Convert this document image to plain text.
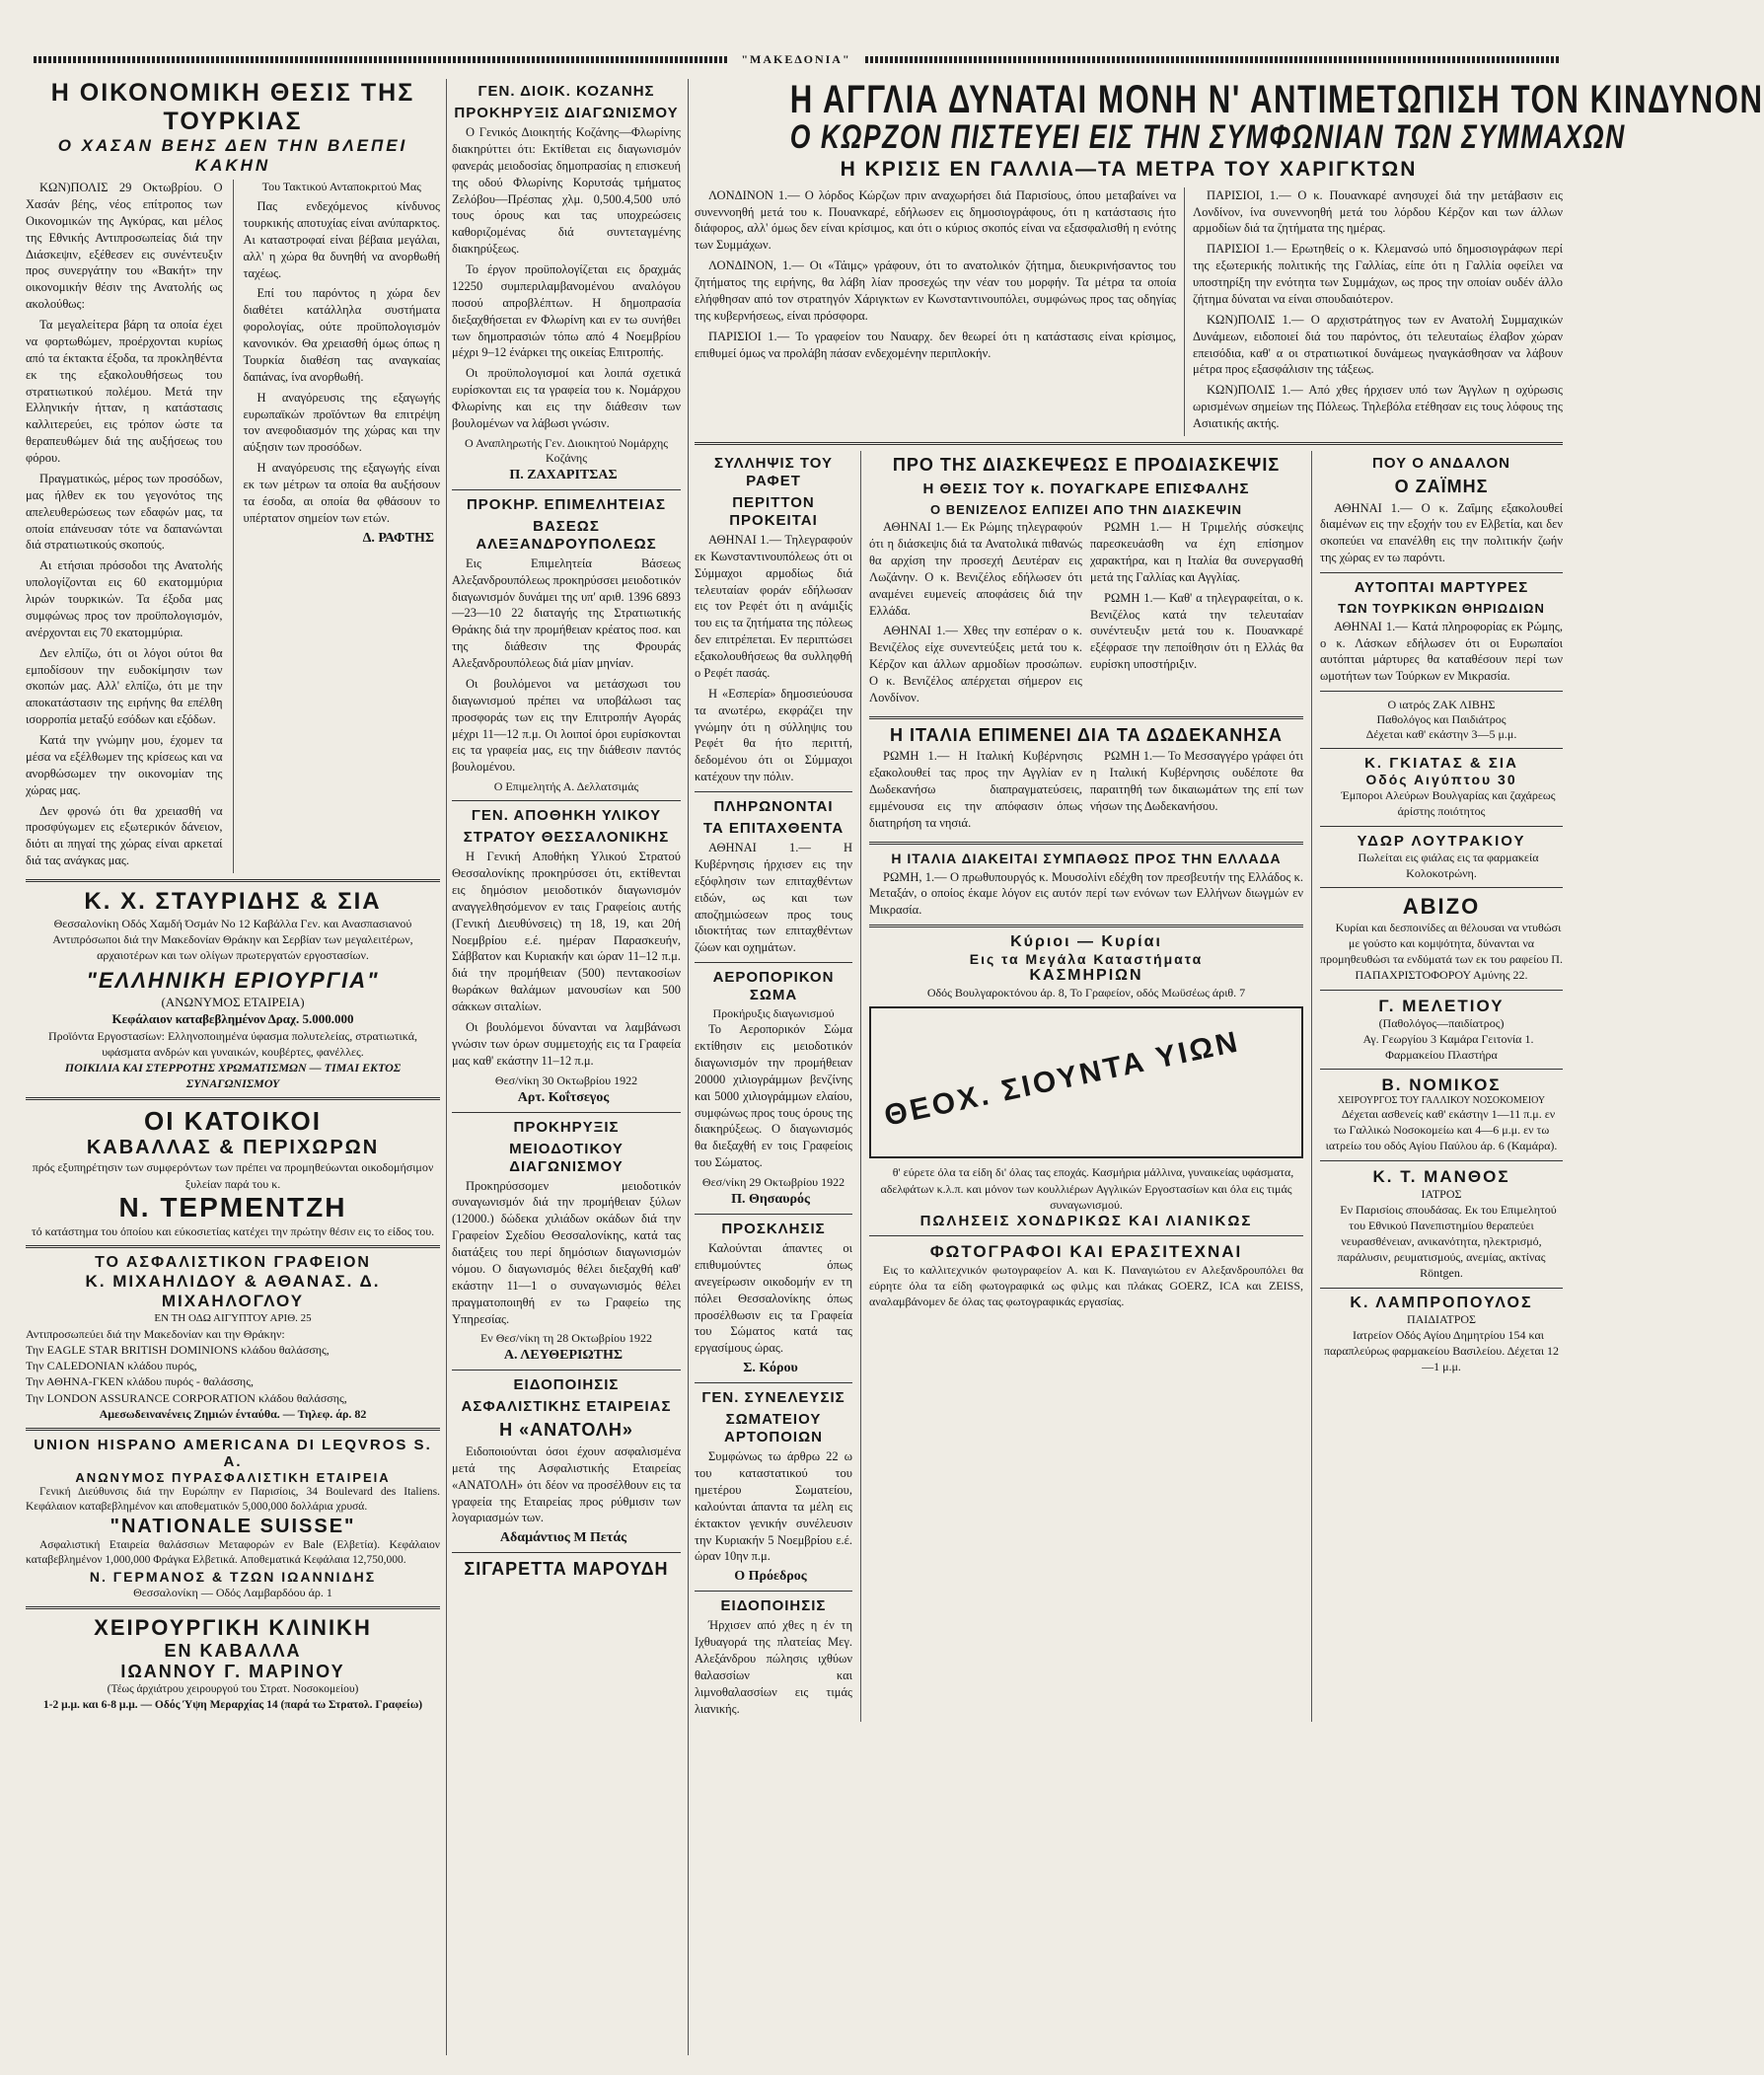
"ΜΑΚΕΔΟΝΙΑ"
Η ΟΙΚΟΝΟΜΙΚΗ ΘΕΣΙΣ ΤΗΣ ΤΟΥΡΚΙΑΣ
Ο ΧΑΣΑΝ ΒΕΗΣ ΔΕΝ ΤΗΝ ΒΛΕΠΕΙ ΚΑΚΗΝ

ΚΩΝ)ΠΟΛΙΣ 29 Οκτωβρίου. Ο Χασάν βέης, νέος επίτροπος των Οικονομικών της Αγκύρας, και μέλος της Εθνικής Αντιπροσωπείας διά την Διάσκεψιν, εξέθεσεν εις συνέντευξιν προς συνεργάτην του «Βακήτ» την οικονομικήν θέσιν της Ανατολής ως ακολούθως:

Τα μεγαλείτερα βάρη τα οποία έχει να φορτωθώμεν, προέρχονται κυρίως από τα έκτακτα έξοδα, τα προκληθέντα εκ της εξακολουθήσεως του στρατιωτικού πολέμου. Μετά την Ελληνικήν ήτταν, η κατάστασις καλλιτερεύει, εις τρόπον ώστε τα θεραπευθώμεν διά της αυξήσεως του φόρου.

Πραγματικώς, μέρος των προσόδων, μας ήλθεν εκ του γεγονότος της απελευθερώσεως των εδαφών μας, τα οποία επάνευσαν τότε να δαπανώνται διά στρατιωτικούς σκοπούς.

Αι ετήσιαι πρόσοδοι της Ανατολής υπολογίζονται εις 60 εκατομμύρια λιρών τουρκικών. Τα έξοδα μας συμφώνως προς τον προϋπολογισμόν, ανέρχονται εις 70 εκατομμύρια.

Δεν ελπίζω, ότι οι λόγοι ούτοι θα εμποδίσουν την ευδοκίμησιν των σκοπών μας. Αλλ' ελπίζω, ότι με την αποκατάστασιν της ειρήνης θα επέλθη ισορροπία μεταξύ εσόδων και εξόδων.

Κατά την γνώμην μου, έχομεν τα μέσα να εξέλθωμεν της κρίσεως και να ανορθώσωμεν την οικονομίαν της χώρας μας.

Δεν φρονώ ότι θα χρειασθή να προσφύγωμεν εις εξωτερικόν δάνειον, διότι αι πηγαί της χώρας είναι αρκεταί διά τας ανάγκας μας.

Του Τακτικού Ανταποκριτού Μας

Πας ενδεχόμενος κίνδυνος τουρκικής αποτυχίας είναι ανύπαρκτος. Αι καταστροφαί είναι βέβαια μεγάλαι, αλλ' η χώρα θα δυνηθή να ανορθωθή ταχέως.

Επί του παρόντος η χώρα δεν διαθέτει κατάλληλα συστήματα φορολογίας, ούτε προϋπολογισμόν κανονικόν. Θα χρειασθή όμως όπως η Τουρκία διαθέση τας αναγκαίας δαπάνας, ίνα ανορθωθή.

Η αναγόρευσις της εξαγωγής ευρωπαϊκών προϊόντων θα επιτρέψη τον ανεφοδιασμόν της χώρας και την αύξησιν των προσόδων.

Η αναγόρευσις της εξαγωγής είναι εκ των μέτρων τα οποία θα αυξήσουν τα έσοδα, αι οποία θα φθάσουν το υπέρτατον σημείον των ετών.

Δ. ΡΑΦΤΗΣ
Κ. Χ. ΣΤΑΥΡΙΔΗΣ & ΣΙΑ

Θεσσαλονίκη Οδός Χαμδή Όσμάν No 12 Καβάλλα Γεν. και Ανασπασιανού Αντιπρόσωποι διά την Μακεδονίαν Θράκην και Σερβίαν των μεγαλειτέρων, αρχαιοτέρων και των ολίγων πρωτεργατών εργοστασίων.

"ΕΛΛΗΝΙΚΗ ΕΡΙΟΥΡΓΙΑ"

(ΑΝΩΝΥΜΟΣ ΕΤΑΙΡΕΙΑ)

Κεφάλαιον καταβεβλημένον Δραχ. 5.000.000

Προϊόντα Εργοστασίων: Ελληνοποιημένα ύφασμα πολυτελείας, στρατιωτικά, υφάσματα ανδρών και γυναικών, κουβέρτες, φανέλλες.

ΠΟΙΚΙΛΙΑ ΚΑΙ ΣΤΕΡΡΟΤΗΣ ΧΡΩΜΑΤΙΣΜΩΝ — ΤΙΜΑΙ ΕΚΤΟΣ ΣΥΝΑΓΩΝΙΣΜΟΥ

ΟΙ ΚΑΤΟΙΚΟΙ
ΚΑΒΑΛΛΑΣ & ΠΕΡΙΧΩΡΩΝ

πρός εξυπηρέτησιν των συμφερόντων των πρέπει να προμηθεύωνται οικοδομήσιμον ξυλείαν παρά του κ.

Ν. ΤΕΡΜΕΝΤΖΗ

τό κατάστημα του όποίου και εύκοσιετίας κατέχει την πρώτην θέσιν εις το είδος του.

ΤΟ ΑΣΦΑΛΙΣΤΙΚΟΝ ΓΡΑΦΕΙΟΝ
Κ. ΜΙΧΑΗΛΙΔΟΥ & ΑΘΑΝΑΣ. Δ. ΜΙΧΑΗΛΟΓΛΟΥ

ΕΝ ΤΗ ΟΔΩ ΑΙΓΥΠΤΟΥ ΑΡΙΘ. 25

Αντιπροσωπεύει διά την Μακεδονίαν και την Θράκην:

Την EAGLE STAR BRITISH DOMINIONS κλάδου θαλάσσης,

Την CALEDONIAN κλάδου πυρός,

Την ΑΘΗΝΑ-ΓΚΕΝ κλάδου πυρός - θαλάσσης,

Την LONDON ASSURANCE CORPORATION κλάδου θαλάσσης,

Αμεσωδεινανένεις Ζημιών ένταύθα. — Τηλεφ. άρ. 82

UNION HISPANO AMERICANA DI LEQVROS S. A.
ΑΝΩΝΥΜΟΣ ΠΥΡΑΣΦΑΛΙΣΤΙΚΗ ΕΤΑΙΡΕΙΑ

Γενική Διεύθυνσις διά την Ευρώπην εν Παρισίοις, 34 Boulevard des Italiens. Κεφάλαιον καταβεβλημένον και αποθεματικόν 5,000,000 δολλάρια χρυσά.

"NATIONALE SUISSE"

Ασφαλιστική Εταιρεία θαλάσσιων Μεταφορών εν Bale (Ελβετία). Κεφάλαιον καταβεβλημένον 1,000,000 Φράγκα Ελβετικά. Αποθεματικά Κεφάλαια 12,750,000.

Ν. ΓΕΡΜΑΝΟΣ & ΤΖΩΝ ΙΩΑΝΝΙΔΗΣ

Θεσσαλονίκη — Οδός Λαμβαρδόου άρ. 1

ΧΕΙΡΟΥΡΓΙΚΗ ΚΛΙΝΙΚΗ
ΕΝ ΚΑΒΑΛΛΑ
ΙΩΑΝΝΟΥ Γ. ΜΑΡΙΝΟΥ

(Τέως άρχιάτρου χειρουργού του Στρατ. Νοσοκομείου)

1-2 μ.μ. και 6-8 μ.μ. — Οδός Ύψη Μεραρχίας 14 (παρά τω Στρατολ. Γραφείω)

ΓΕΝ. ΔΙΟΙΚ. ΚΟΖΑΝΗΣ
ΠΡΟΚΗΡΥΞΙΣ ΔΙΑΓΩΝΙΣΜΟΥ

Ο Γενικός Διοικητής Κοζάνης—Φλωρίνης διακηρύττει ότι: Εκτίθεται εις διαγωνισμόν φανεράς μειοδοσίας δημοπρασίας η επισκευή της οδού Φλωρίνης Κορυτσάς τμήματος Ζελόβου—Πρέσπας χλμ. 0,500.4,500 υπό τους όρους και τας υποχρεώσεις καθοριζομένας διά συντεταγμένης διακηρύξεως.

Το έργον προϋπολογίζεται εις δραχμάς 12250 συμπεριλαμβανομένου αναλόγου ποσού απροβλέπτων. Η δημοπρασία διεξαχθήσεται εν Φλωρίνη και εν τω συνήθει των δημοπρασιών τόπω από 4 Νοεμβρίου μέχρι 9–12 ένάρκει της οικείας Επιτροπής.

Οι προϋπολογισμοί και λοιπά σχετικά ευρίσκονται εις τα γραφεία του κ. Νομάρχου Φλωρίνης και εις την διάθεσιν των βουλομένων να λάβωσι γνώσιν.

Ο Αναπληρωτής Γεν. Διοικητού Νομάρχης Κοζάνης
Π. ΖΑΧΑΡΙΤΣΑΣ
ΠΡΟΚΗΡ. ΕΠΙΜΕΛΗΤΕΙΑΣ
ΒΑΣΕΩΣ ΑΛΕΞΑΝΔΡΟΥΠΟΛΕΩΣ

Εις Επιμελητεία Βάσεως Αλεξανδρουπόλεως προκηρύσσει μειοδοτικόν διαγωνισμόν δυνάμει της υπ' αριθ. 1396 6893—23—10 22 διαταγής της Στρατιωτικής Θράκης διά την προμήθειαν κρέατος ποσ. και της διάθεσιν της Φρουράς Αλεξανδρουπόλεως διά μίαν μηνίαν.

Οι βουλόμενοι να μετάσχωσι του διαγωνισμού πρέπει να υποβάλωσι τας προσφοράς των εις την Επιτροπήν Αγοράς μέχρι 11—12 π.μ. Οι λοιποί όροι ευρίσκονται εις τα γραφεία μας, εις την διάθεσιν παντός βουλομένου.

Ο Επιμελητής Α. Δελλατσιμάς
ΓΕΝ. ΑΠΟΘΗΚΗ ΥΛΙΚΟΥ
ΣΤΡΑΤΟΥ ΘΕΣΣΑΛΟΝΙΚΗΣ

Η Γενική Αποθήκη Υλικού Στρατού Θεσσαλονίκης προκηρύσσει ότι, εκτίθενται εις δημόσιον μειοδοτικόν διαγωνισμόν αναγγελθησόμενον εν ταις Γραφείοις αυτής (Γενική Διευθύνσεις) τη 18, 19, και 20ή Νοεμβρίου ε.έ. ημέραν Παρασκευήν, Σάββατον και Κυριακήν και ώραν 11–12 π.μ. διά την προμήθειαν (500) πεντακοσίων θωράκων θαλάμων μανουσίων και 500 σάκκων σιταλίων.

Οι βουλόμενοι δύνανται να λαμβάνωσι γνώσιν των όρων συμμετοχής εις τα Γραφεία μας καθ' εκάστην 11–12 π.μ.

Θεσ/νίκη 30 Οκτωβρίου 1922
Αρτ. Κοΐτσεγος
ΠΡΟΚΗΡΥΞΙΣ
ΜΕΙΟΔΟΤΙΚΟΥ ΔΙΑΓΩΝΙΣΜΟΥ

Προκηρύσσομεν μειοδοτικόν συναγωνισμόν διά την προμήθειαν ξύλων (12000.) δώδεκα χιλιάδων οκάδων διά την Γραφείον Σχεδίου Θεσσαλονίκης, κατά τας διατάξεις του περί δημόσιων διαγωνισμών νόμου. Ο διαγωνισμός θέλει διεξαχθή καθ' εκάστην 11—1 ο συναγωνισμός θέλει πραγματοποιηθή εν τω Γραφείω της Υπηρεσίας.

Εν Θεσ/νίκη τη 28 Οκτωβρίου 1922
Α. ΛΕΥΘΕΡΙΩΤΗΣ
ΕΙΔΟΠΟΙΗΣΙΣ
ΑΣΦΑΛΙΣΤΙΚΗΣ ΕΤΑΙΡΕΙΑΣ
Η «ΑΝΑΤΟΛΗ»

Ειδοποιούνται όσοι έχουν ασφαλισμένα μετά της Ασφαλιστικής Εταιρείας «ΑΝΑΤΟΛΗ» ότι δέον να προσέλθουν εις τα γραφεία της Εταιρείας προς ρύθμισιν των λογαριασμών των.

Αδαμάντιος Μ Πετάς
ΣΙΓΑΡΕΤΤΑ ΜΑΡΟΥΔΗ
Η ΑΓΓΛΙΑ ΔΥΝΑΤΑΙ ΜΟΝΗ Ν' ΑΝΤΙΜΕΤΩΠΙΣΗ ΤΟΝ ΚΙΝΔΥΝΟΝ
Ο ΚΩΡΖΟΝ ΠΙΣΤΕΥΕΙ ΕΙΣ ΤΗΝ ΣΥΜΦΩΝΙΑΝ ΤΩΝ ΣΥΜΜΑΧΩΝ
Η ΚΡΙΣΙΣ ΕΝ ΓΑΛΛΙΑ—ΤΑ ΜΕΤΡΑ ΤΟΥ ΧΑΡΙΓΚΤΩΝ

ΛΟΝΔΙΝΟΝ 1.— Ο λόρδος Κώρζων πριν αναχωρήσει διά Παρισίους, όπου μεταβαίνει να συνεννοηθή μετά του κ. Πουανκαρέ, εδήλωσεν εις δημοσιογράφους, ότι η κατάστασις ήτο διάφορος, αλλ' όμως δεν είναι κρίσιμος, και ότι ο κύριος σκοπός είναι να εξασφαλισθή η ενότης των Συμμάχων.

ΛΟΝΔΙΝΟΝ, 1.— Οι «Τάιμς» γράφουν, ότι το ανατολικόν ζήτημα, διευκρινήσαντος του ζητήματος της ειρήνης, θα λάβη λίαν προσεχώς την νέαν του μορφήν. Τα μέτρα τα οποία ελήφθησαν από τον στρατηγόν Χάριγκτων εν Κωνσταντινουπόλει, συμφώνως προς τας οδηγίας της κυβερνήσεως, είναι πρόσφορα.

ΠΑΡΙΣΙΟΙ 1.— Το γραφείον του Ναυαρχ. δεν θεωρεί ότι η κατάστασις είναι κρίσιμος, επιθυμεί όμως να προλάβη πάσαν ενδεχομένην περιπλοκήν.

ΠΑΡΙΣΙΟΙ, 1.— Ο κ. Πουανκαρέ ανησυχεί διά την μετάβασιν εις Λονδίνον, ίνα συνεννοηθή μετά του λόρδου Κέρζον και των άλλων αρμοδίων διά τα ζητήματα της ημέρας.

ΠΑΡΙΣΙΟΙ 1.— Ερωτηθείς ο κ. Κλεμανσώ υπό δημοσιογράφων περί της εξωτερικής πολιτικής της Γαλλίας, είπε ότι η Γαλλία οφείλει να υποστηρίξη την ενότητα των Συμμάχων, ως προς την οποίαν ουδέν άλλο ζήτημα δύναται να είναι σπουδαιότερον.

ΚΩΝ)ΠΟΛΙΣ 1.— Ο αρχιστράτηγος των εν Ανατολή Συμμαχικών Δυνάμεων, ειδοποιεί διά του παρόντος, ότι τελευταίως έλαβον χώραν επεισόδια, καθ' α οι στρατιωτικοί δυνάμεως ηναγκάσθησαν να λάβουν μέτρα προς εξασφάλισιν της τάξεως.

ΚΩΝ)ΠΟΛΙΣ 1.— Από χθες ήρχισεν υπό των Άγγλων η οχύρωσις ωρισμένων σημείων της Πόλεως. Τηλεβόλα ετέθησαν εις τους λόφους της Ασιατικής ακτής.

ΣΥΛΛΗΨΙΣ ΤΟΥ ΡΑΦΕΤ
ΠΕΡΙΤΤΟΝ ΠΡΟΚΕΙΤΑΙ

ΑΘΗΝΑΙ 1.— Τηλεγραφούν εκ Κωνσταντινουπόλεως ότι οι Σύμμαχοι αρμοδίως διά τελευταίαν φοράν εδήλωσαν εις τον Ρεφέτ ότι η ανάμιξίς του εις τα ζητήματα της πόλεως δεν επιτρέπεται. Εν περιπτώσει εξακολουθήσεως θα συλληφθή ο Ρεφέτ πασάς.

Η «Εσπερία» δημοσιεύουσα τα ανωτέρω, εκφράζει την γνώμην ότι η σύλληψις του Ρεφέτ θα ήτο περιττή, δεδομένου ότι οι Σύμμαχοι κατέχουν την πόλιν.

ΠΛΗΡΩΝΟΝΤΑΙ
ΤΑ ΕΠΙΤΑΧΘΕΝΤΑ

ΑΘΗΝΑΙ 1.— Η Κυβέρνησις ήρχισεν εις την εξόφλησιν των επιταχθέντων ειδών, ως και των αποζημιώσεων προς τους ιδιοκτήτας των επιταχθέντων ζώων και οχημάτων.

ΑΕΡΟΠΟΡΙΚΟΝ ΣΩΜΑ
Προκήρυξις διαγωνισμού

Το Αεροπορικόν Σώμα εκτίθησιν εις μειοδοτικόν διαγωνισμόν την προμήθειαν 20000 χιλιογράμμων βενζίνης και 5000 χιλιογράμμων ελαίου, συμφώνως προς τους όρους της διακηρύξεως. Ο διαγωνισμός θα διεξαχθή εν τοις Γραφείοις του Σώματος.

Θεσ/νίκη 29 Οκτωβρίου 1922
Π. Θησαυρός
ΠΡΟΣΚΛΗΣΙΣ

Καλούνται άπαντες οι επιθυμούντες όπως ανεγείρωσιν οικοδομήν εν τη πόλει Θεσσαλονίκης όπως προσέλθωσιν εις τα Γραφεία του Σώματος κατά τας εργασίμους ώρας.

Σ. Κόρου
ΓΕΝ. ΣΥΝΕΛΕΥΣΙΣ
ΣΩΜΑΤΕΙΟΥ ΑΡΤΟΠΟΙΩΝ

Συμφώνως τω άρθρω 22 ω του καταστατικού του ημετέρου Σωματείου, καλούνται άπαντα τα μέλη εις έκτακτον γενικήν συνέλευσιν την Κυριακήν 5 Νοεμβρίου ε.έ. ώραν 10ην π.μ.

Ο Πρόεδρος
ΕΙΔΟΠΟΙΗΣΙΣ

Ήρχισεν από χθες η έν τη Ιχθυαγορά της πλατείας Μεγ. Αλεξάνδρου πώλησις ιχθύων θαλασσίων και λιμνοθαλασσίων εις τιμάς λιανικής.

ΠΡΟ ΤΗΣ ΔΙΑΣΚΕΨΕΩΣ Ε ΠΡΟΔΙΑΣΚΕΨΙΣ
Η ΘΕΣΙΣ ΤΟΥ κ. ΠΟΥΑΓΚΑΡΕ ΕΠΙΣΦΑΛΗΣ
Ο ΒΕΝΙΖΕΛΟΣ ΕΛΠΙΖΕΙ ΑΠΟ ΤΗΝ ΔΙΑΣΚΕΨΙΝ

ΑΘΗΝΑΙ 1.— Εκ Ρώμης τηλεγραφούν ότι η διάσκεψις διά τα Ανατολικά πιθανώς θα αρχίση την προσεχή Δευτέραν εις Λωζάνην. Ο κ. Βενιζέλος εδήλωσεν ότι αναμένει ευμενείς αποφάσεις διά την Ελλάδα.

ΑΘΗΝΑΙ 1.— Χθες την εσπέραν ο κ. Βενιζέλος είχε συνεντεύξεις μετά του κ. Κέρζον και άλλων αρμοδίων προσώπων. Ο κ. Βενιζέλος απέρχεται σήμερον εις Λονδίνον.

ΡΩΜΗ 1.— Η Τριμελής σύσκεψις παρεσκευάσθη να έχη επίσημον χαρακτήρα, και η Ιταλία θα συνεργασθή μετά της Γαλλίας και Αγγλίας.

ΡΩΜΗ 1.— Καθ' α τηλεγραφείται, ο κ. Βενιζέλος κατά την τελευταίαν συνέντευξιν μετά του κ. Πουανκαρέ εξέφρασε την πεποίθησιν ότι η Ελλάς θα ευρίσκη υποστήριξιν.

Η ΙΤΑΛΙΑ ΕΠΙΜΕΝΕΙ ΔΙΑ ΤΑ ΔΩΔΕΚΑΝΗΣΑ

ΡΩΜΗ 1.— Η Ιταλική Κυβέρνησις εξακολουθεί τας προς την Αγγλίαν εν Δωδεκανήσω διαπραγματεύσεις, εμμένουσα εις την απόφασιν όπως διατηρήση τα νησιά.

ΡΩΜΗ 1.— Το Μεσσαγγέρο γράφει ότι η Ιταλική Κυβέρνησις ουδέποτε θα παραιτηθή των δικαιωμάτων της επί των νήσων της Δωδεκανήσου.

Η ΙΤΑΛΙΑ ΔΙΑΚΕΙΤΑΙ ΣΥΜΠΑΘΩΣ ΠΡΟΣ ΤΗΝ ΕΛΛΑΔΑ

ΡΩΜΗ, 1.— Ο πρωθυπουργός κ. Μουσολίνι εδέχθη τον πρεσβευτήν της Ελλάδος κ. Μεταξάν, ο οποίος έκαμε λόγον εις αυτόν περί των ενόνων των Ελλήνων διωγμών εν Μικρασία.

Κύριοι — Κυρίαι
Εις τα Μεγάλα Καταστήματα
ΚΑΣΜΗΡΙΩΝ

Οδός Βουλγαροκτόνου άρ. 8, Το Γραφείον, οδός Μωϋσέως άριθ. 7

ΘΕΟΧ. ΣΙΟΥΝΤΑ ΥΙΩΝ

θ' εύρετε όλα τα είδη δι' όλας τας εποχάς. Κασμήρια μάλλινα, γυναικείας υφάσματα, αδελφάτων κ.λ.π. και μόνον των κουλλιέρων Αγγλικών Εργοστασίων και όλα εις τιμάς συναγωνισμού.

ΠΩΛΗΣΕΙΣ ΧΟΝΔΡΙΚΩΣ ΚΑΙ ΛΙΑΝΙΚΩΣ
ΦΩΤΟΓΡΑΦΟΙ ΚΑΙ ΕΡΑΣΙΤΕΧΝΑΙ

Εις το καλλιτεχνικόν φωτογραφείον Α. και Κ. Παναγιώτου εν Αλεξανδρουπόλει θα εύρητε όλα τα είδη φωτογραφικά ως φιλμς και πλάκας GOERZ, ICA και ZEISS, αναλαμβάνομεν δε όλας τας φωτογραφικάς εργασίας.

ΠΟΥ Ο ΑΝΔΑΛΟΝ
Ο ΖΑΪΜΗΣ

ΑΘΗΝΑΙ 1.— Ο κ. Ζαΐμης εξακολουθεί διαμένων εις την εξοχήν του εν Ελβετία, και δεν σκοπεύει να επανέλθη εις την πολιτικήν ζωήν της χώρας εν τω παρόντι.

ΑΥΤΟΠΤΑΙ ΜΑΡΤΥΡΕΣ
ΤΩΝ ΤΟΥΡΚΙΚΩΝ ΘΗΡΙΩΔΙΩΝ

ΑΘΗΝΑΙ 1.— Κατά πληροφορίας εκ Ρώμης, ο κ. Λάσκων εδήλωσεν ότι οι Ευρωπαίοι αυτόπται μάρτυρες θα καταθέσουν περί των ωμοτήτων των Τούρκων εν Μικρασία.

Ο ιατρός ΖΑΚ ΛΙΒΗΣ
Παθολόγος και Παιδιάτρος
Δέχεται καθ' εκάστην 3—5 μ.μ.
Κ. ΓΚΙΑΤΑΣ & ΣΙΑ
Οδός Αιγύπτου 30

Έμποροι Αλεύρων Βουλγαρίας και ζαχάρεως άρίστης ποιότητος

ΥΔΩΡ ΛΟΥΤΡΑΚΙΟΥ

Πωλείται εις φιάλας εις τα φαρμακεία Κολοκοτρώνη.

ΑΒΙΖΟ

Κυρίαι και δεσποινίδες αι θέλουσαι να ντυθώσι με γούστο και κομψότητα, δύνανται να προμηθευθώσι τα ενδύματά των εκ του ραφείου Π. ΠΑΠΑΧΡΙΣΤΟΦΟΡΟΥ Αμύνης 22.

Γ. ΜΕΛΕΤΙΟΥ
(Παθολόγος—παιδίατρος)

Αγ. Γεωργίου 3 Καμάρα Γειτονία 1. Φαρμακείου Πλαστήρα

Β. ΝΟΜΙΚΟΣ
ΧΕΙΡΟΥΡΓΟΣ ΤΟΥ ΓΑΛΛΙΚΟΥ ΝΟΣΟΚΟΜΕΙΟΥ

Δέχεται ασθενείς καθ' εκάστην 1—11 π.μ. εν τω Γαλλικώ Νοσοκομείω και 4—6 μ.μ. εν τω ιατρείω του οδός Αγίου Παύλου άρ. 6 (Καμάρα).

Κ. Τ. ΜΑΝΘΟΣ
ΙΑΤΡΟΣ

Εν Παρισίοις σπουδάσας. Εκ του Επιμελητού του Εθνικού Πανεπιστημίου θεραπεύει νευρασθένειαν, ανικανότητα, ηλεκτρισμό, παράλυσιν, ρευματισμούς, ανεμίας, ακτίνας Röntgen.

Κ. ΛΑΜΠΡΟΠΟΥΛΟΣ
ΠΑΙΔΙΑΤΡΟΣ

Ιατρείον Οδός Αγίου Δημητρίου 154 και παραπλεύρως φαρμακείου Βασιλείου. Δέχεται 12—1 μ.μ.
